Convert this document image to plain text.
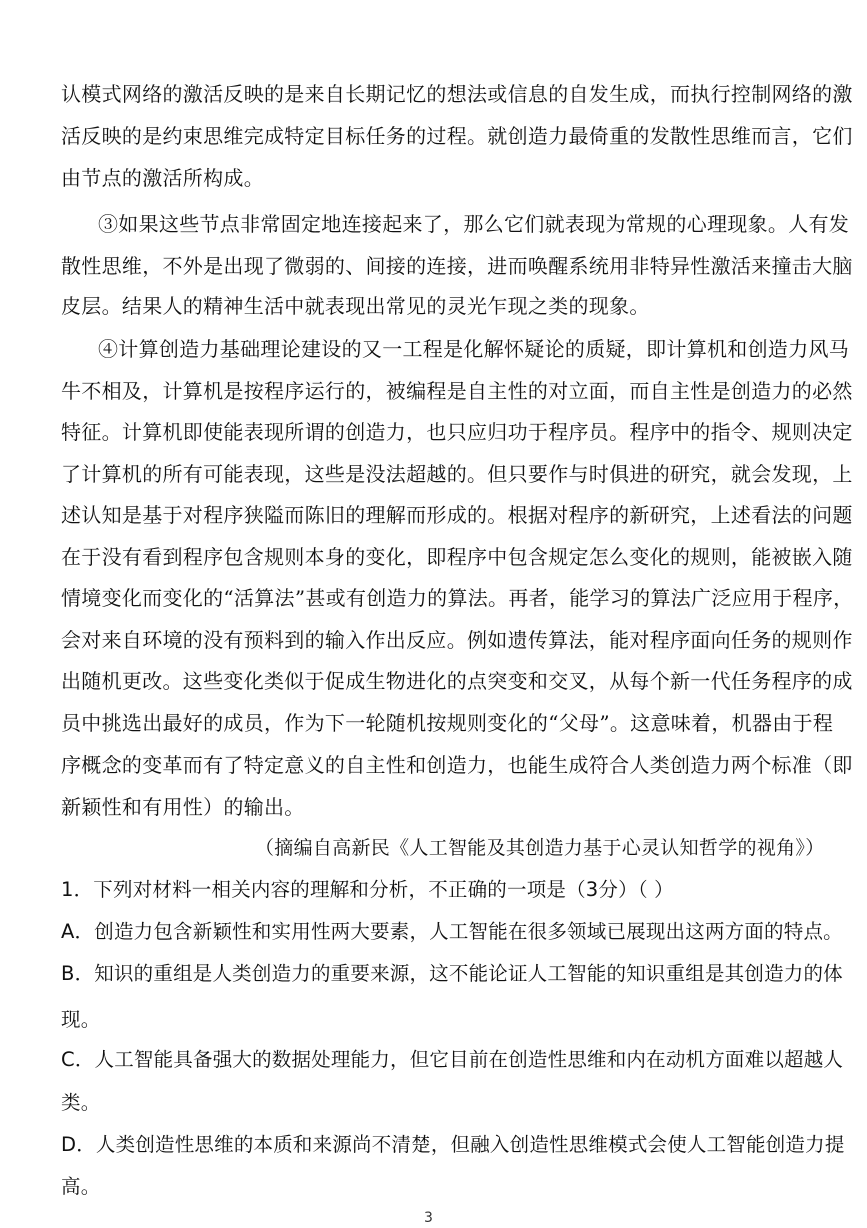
认模式网络的激活反映的是来自长期记忆的想法或信息的自发生成，而执行控制网络的激
活反映的是约束思维完成特定目标任务的过程。就创造力最倚重的发散性思维而言，它们
由节点的激活所构成。
③如果这些节点非常固定地连接起来了，那么它们就表现为常规的心理现象。人有发
散性思维，不外是出现了微弱的、间接的连接，进而唤醒系统用非特异性激活来撞击大脑
皮层。结果人的精神生活中就表现出常见的灵光乍现之类的现象。
④计算创造力基础理论建设的又一工程是化解怀疑论的质疑，即计算机和创造力风马
牛不相及，计算机是按程序运行的，被编程是自主性的对立面，而自主性是创造力的必然
特征。计算机即使能表现所谓的创造力，也只应归功于程序员。程序中的指令、规则决定
了计算机的所有可能表现，这些是没法超越的。但只要作与时俱进的研究，就会发现，上
述认知是基于对程序狭隘而陈旧的理解而形成的。根据对程序的新研究，上述看法的问题
在于没有看到程序包含规则本身的变化，即程序中包含规定怎么变化的规则，能被嵌入随
情境变化而变化的“活算法”甚或有创造力的算法。再者，能学习的算法广泛应用于程序，
会对来自环境的没有预料到的输入作出反应。例如遗传算法，能对程序面向任务的规则作
出随机更改。这些变化类似于促成生物进化的点突变和交叉，从每个新一代任务程序的成
员中挑选出最好的成员，作为下一轮随机按规则变化的“父母”。这意味着，机器由于程
序概念的变革而有了特定意义的自主性和创造力，也能生成符合人类创造力两个标准（即
新颖性和有用性）的输出。
（摘编自高新民《人工智能及其创造力基于心灵认知哲学的视角》）
1．下列对材料一相关内容的理解和分析，不正确的一项是（3分）（ ）
A．创造力包含新颖性和实用性两大要素，人工智能在很多领域已展现出这两方面的特点。
B．知识的重组是人类创造力的重要来源，这不能论证人工智能的知识重组是其创造力的体
现。
C．人工智能具备强大的数据处理能力，但它目前在创造性思维和内在动机方面难以超越人
类。
D．人类创造性思维的本质和来源尚不清楚，但融入创造性思维模式会使人工智能创造力提
高。
3
